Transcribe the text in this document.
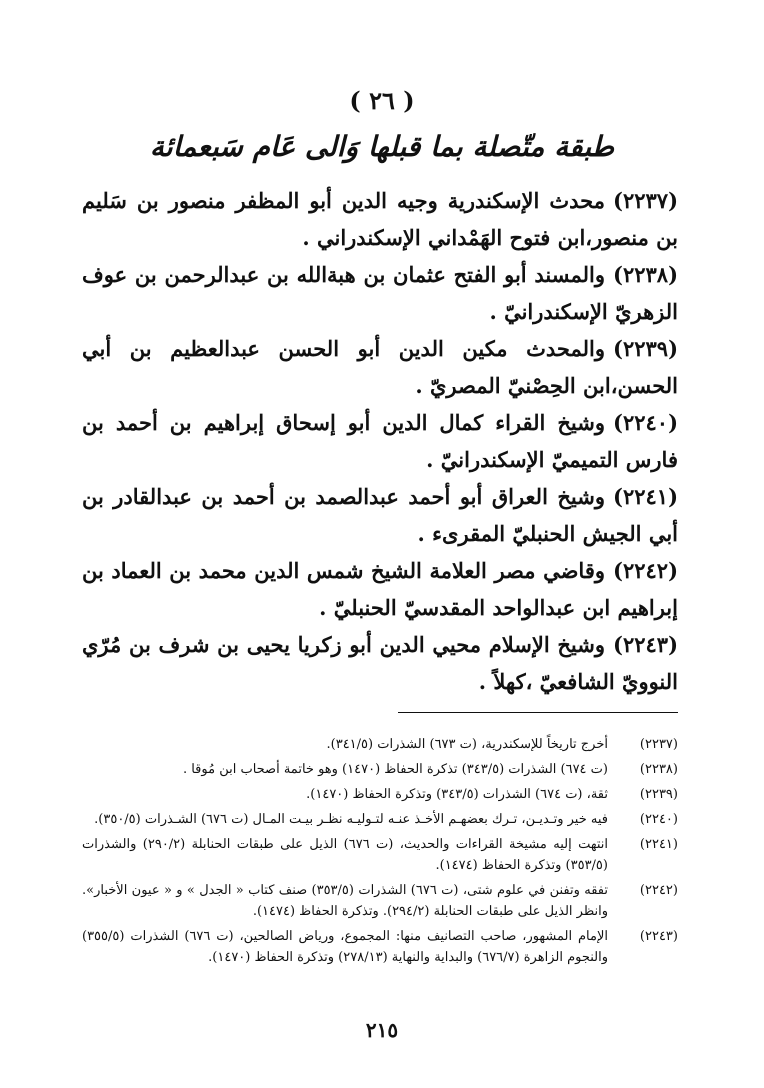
( ٢٦ )
طبقة متّصلة بما قبلها وَالى عَام سَبعمائة
(٢٢٣٧)محدث الإسكندرية وجيه الدين أبو المظفر منصور بن سَليم بن منصور،ابن فتوح الهَمْداني الإسكندراني .
(٢٢٣٨)والمسند أبو الفتح عثمان بن هبةالله بن عبدالرحمن بن عوف الزهريّ الإسكندرانيّ .
(٢٢٣٩)والمحدث مكين الدين أبو الحسن عبدالعظيم بن أبي الحسن،ابن الحِصْنيّ المصريّ .
(٢٢٤٠)وشيخ القراء كمال الدين أبو إسحاق إبراهيم بن أحمد بن فارس التميميّ الإسكندرانيّ .
(٢٢٤١)وشيخ العراق أبو أحمد عبدالصمد بن أحمد بن عبدالقادر بن أبي الجيش الحنبليّ المقرىء .
(٢٢٤٢)وقاضي مصر العلامة الشيخ شمس الدين محمد بن العماد بن إبراهيم ابن عبدالواحد المقدسيّ الحنبليّ .
(٢٢٤٣)وشيخ الإسلام محيي الدين أبو زكريا يحيى بن شرف بن مُرّي النوويّ الشافعيّ ،كهلاً .
(٢٢٣٧)
أخرج تاريخاً للإسكندرية، (ت ٦٧٣) الشذرات (٣٤١/٥).
(٢٢٣٨)
(ت ٦٧٤) الشذرات (٣٤٣/٥) تذكرة الحفاظ (١٤٧٠) وهو خاتمة أصحاب ابن مُوقا .
(٢٢٣٩)
ثقة، (ت ٦٧٤) الشذرات (٣٤٣/٥) وتذكرة الحفاظ (١٤٧٠).
(٢٢٤٠)
فيه خير وتـديـن، تـرك بعضهـم الأخـذ عنـه لتـوليـه نظـر بيـت المـال (ت ٦٧٦) الشـذرات (٣٥٠/٥).
(٢٢٤١)
انتهت إليه مشيخة القراءات والحديث، (ت ٦٧٦) الذيل على طبقات الحنابلة (٢٩٠/٢) والشذرات (٣٥٣/٥) وتذكرة الحفاظ (١٤٧٤).
(٢٢٤٢)
تفقه وتفنن في علوم شتى، (ت ٦٧٦) الشذرات (٣٥٣/٥) صنف كتاب « الجدل » و « عيون الأخبار». وانظر الذيل على طبقات الحنابلة (٢٩٤/٢). وتذكرة الحفاظ (١٤٧٤).
(٢٢٤٣)
الإمام المشهور، صاحب التصانيف منها: المجموع، ورياض الصالحين، (ت ٦٧٦) الشذرات (٣٥٥/٥) والنجوم الزاهرة (٦٧٦/٧) والبداية والنهاية (٢٧٨/١٣) وتذكرة الحفاظ (١٤٧٠).
٢١٥
